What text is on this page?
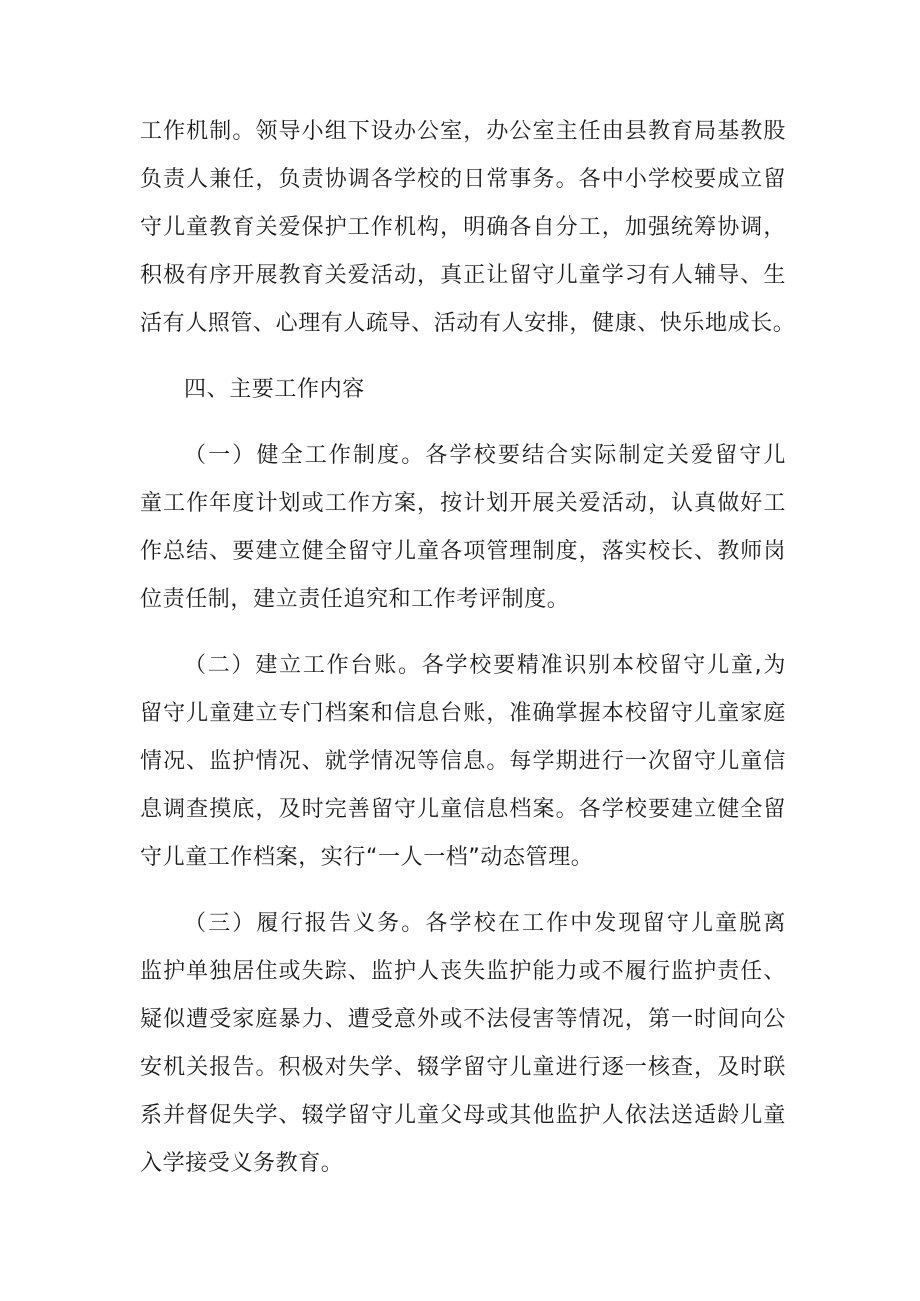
工作机制。领导小组下设办公室，办公室主任由县教育局基教股
负责人兼任，负责协调各学校的日常事务。各中小学校要成立留
守儿童教育关爱保护工作机构，明确各自分工，加强统筹协调，
积极有序开展教育关爱活动，真正让留守儿童学习有人辅导、生
活有人照管、心理有人疏导、活动有人安排，健康、快乐地成长。
四、主要工作内容
（一）健全工作制度。各学校要结合实际制定关爱留守儿
童工作年度计划或工作方案，按计划开展关爱活动，认真做好工
作总结、要建立健全留守儿童各项管理制度，落实校长、教师岗
位责任制，建立责任追究和工作考评制度。
（二）建立工作台账。各学校要精准识别本校留守儿童,为
留守儿童建立专门档案和信息台账，准确掌握本校留守儿童家庭
情况、监护情况、就学情况等信息。每学期进行一次留守儿童信
息调查摸底，及时完善留守儿童信息档案。各学校要建立健全留
守儿童工作档案，实行“一人一档”动态管理。
（三）履行报告义务。各学校在工作中发现留守儿童脱离
监护单独居住或失踪、监护人丧失监护能力或不履行监护责任、
疑似遭受家庭暴力、遭受意外或不法侵害等情况，第一时间向公
安机关报告。积极对失学、辍学留守儿童进行逐一核查，及时联
系并督促失学、辍学留守儿童父母或其他监护人依法送适龄儿童
入学接受义务教育。
